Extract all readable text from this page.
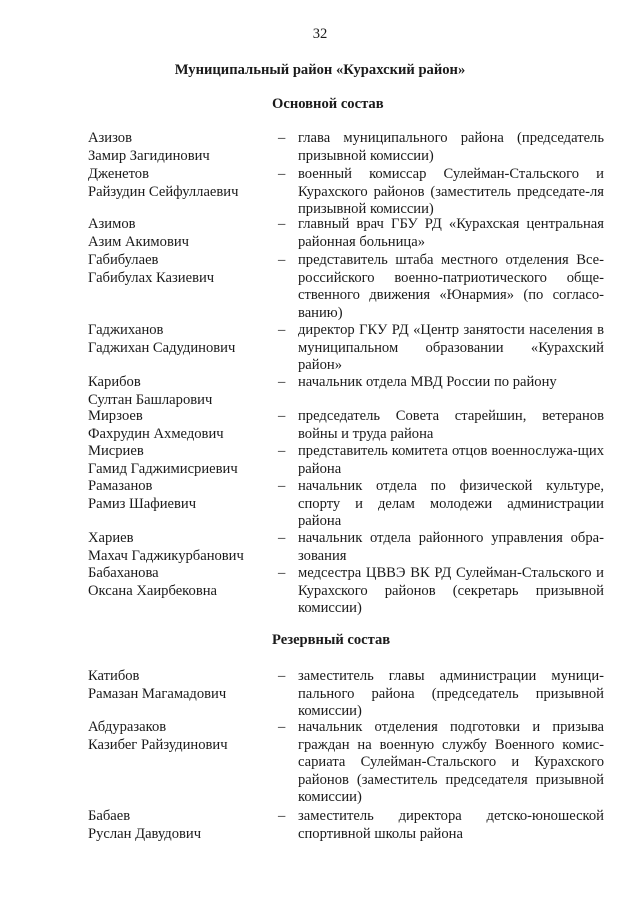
32
Муниципальный район «Курахский район»
Основной состав
Азизов
Замир Загидинович
– глава муниципального района (председатель призывной комиссии)
Дженетов
Райзудин Сейфуллаевич
– военный комиссар Сулейман-Стальского и Курахского районов (заместитель председате-ля призывной комиссии)
Азимов
Азим Акимович
– главный врач ГБУ РД «Курахская центральная районная больница»
Габибулаев
Габибулах Казиевич
– представитель штаба местного отделения Все-российского военно-патриотического обще-ственного движения «Юнармия» (по согласо-ванию)
Гаджиханов
Гаджихан Садудинович
– директор ГКУ РД «Центр занятости населения в муниципальном образовании «Курахский район»
Карибов
Султан Башларович
– начальник отдела МВД России по району
Мирзоев
Фахрудин Ахмедович
– председатель Совета старейшин, ветеранов войны и труда района
Мисриев
Гамид Гаджимисриевич
– представитель комитета отцов военнослужа-щих района
Рамазанов
Рамиз Шафиевич
– начальник отдела по физической культуре, спорту и делам молодежи администрации района
Хариев
Махач Гаджикурбанович
– начальник отдела районного управления обра-зования
Бабаханова
Оксана Хаирбековна
– медсестра ЦВВЭ ВК РД Сулейман-Стальского и Курахского районов (секретарь призывной комиссии)
Резервный состав
Катибов
Рамазан Магамадович
– заместитель главы администрации муници-пального района (председатель призывной комиссии)
Абдуразаков
Казибег Райзудинович
– начальник отделения подготовки и призыва граждан на военную службу Военного комис-сариата Сулейман-Стальского и Курахского районов (заместитель председателя призывной комиссии)
Бабаев
Руслан Давудович
– заместитель директора детско-юношеской спортивной школы района
